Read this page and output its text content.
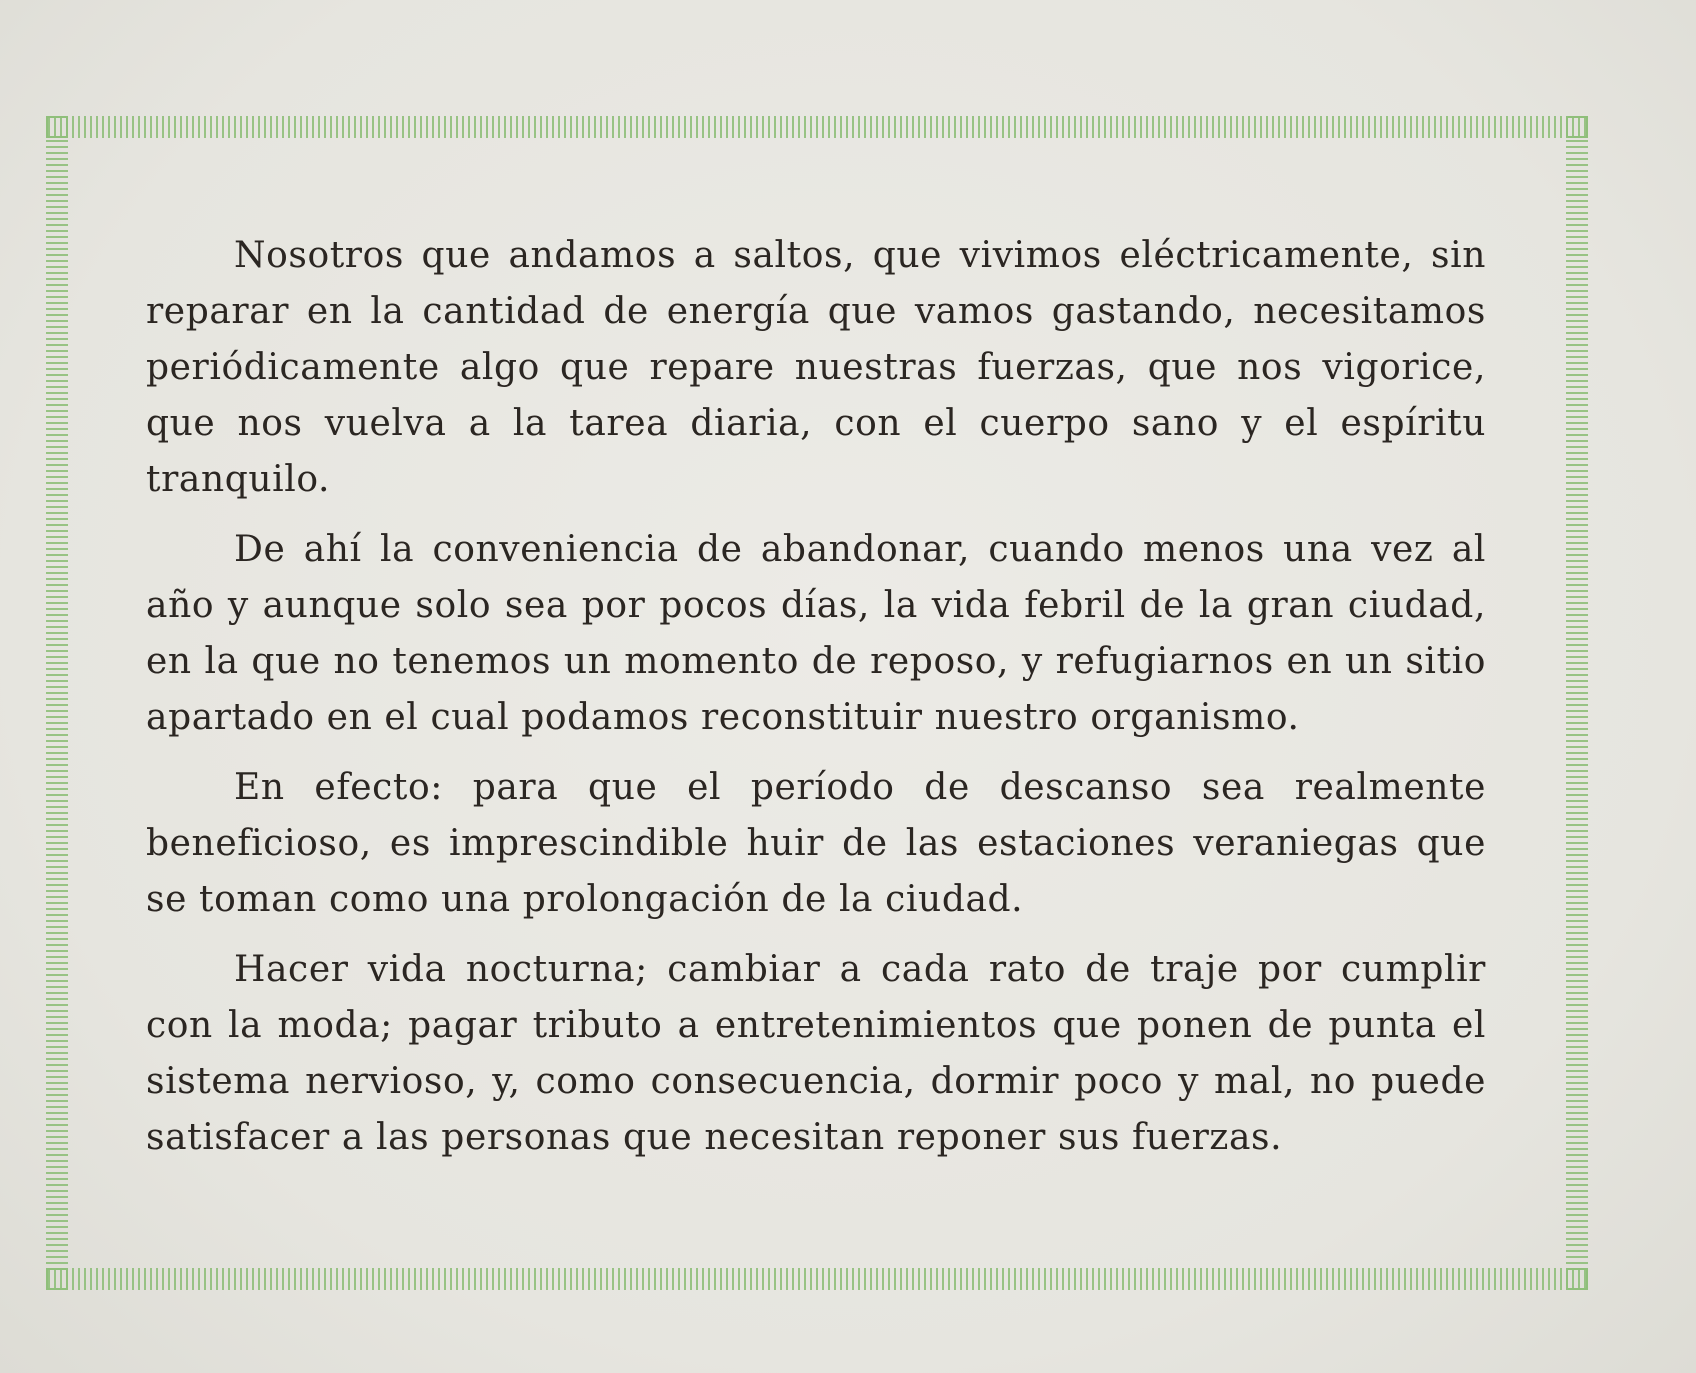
Nosotros que andamos a saltos, que vivimos eléctricamente, sin reparar en la cantidad de energía que vamos gastando, necesitamos periódicamente algo que repare nuestras fuerzas, que nos vigorice, que nos vuelva a la tarea diaria, con el cuerpo sano y el espíritu tranquilo.

De ahí la conveniencia de abandonar, cuando menos una vez al año y aunque solo sea por pocos días, la vida febril de la gran ciudad, en la que no tenemos un momento de reposo, y refugiarnos en un sitio apartado en el cual podamos reconstituir nuestro organismo.

En efecto: para que el período de descanso sea realmente beneficioso, es imprescindible huir de las estaciones veraniegas que se toman como una prolongación de la ciudad.

Hacer vida nocturna; cambiar a cada rato de traje por cumplir con la moda; pagar tributo a entretenimientos que ponen de punta el sistema nervioso, y, como consecuencia, dormir poco y mal, no puede satisfacer a las personas que necesitan reponer sus fuerzas.
